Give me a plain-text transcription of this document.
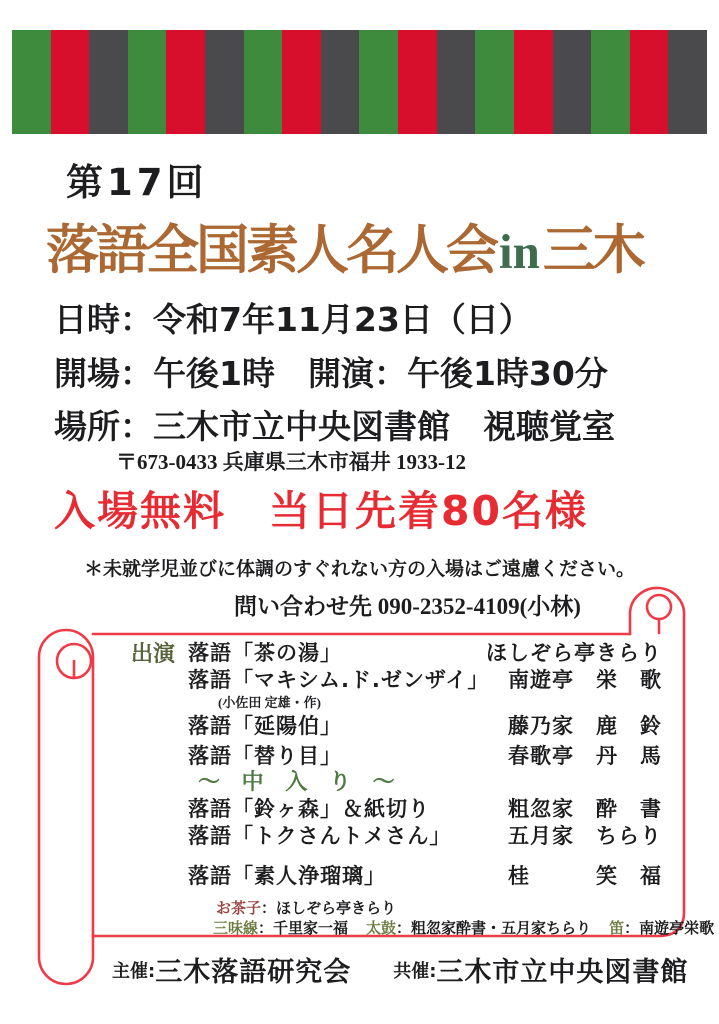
第17回
落語全国素人名人会in三木
日時：令和7年11月23日（日）
開場：午後1時　開演：午後1時30分
場所：三木市立中央図書館　視聴覚室
〒673-0433 兵庫県三木市福井 1933-12
入場無料　当日先着80名様
＊未就学児並びに体調のすぐれない方の入場はご遠慮ください。
問い合わせ先 090-2352-4109(小林)
出演 落語「茶の湯」	ほしぞら亭きらり
落語「マキシム.ド.ゼンザイ」 南遊亭　栄　歌
(小佐田 定雄・作)
落語「延陽伯」	藤乃家　鹿　鈴
落語「替り目」	春歌亭　丹　馬
～ 中 入 り ～
落語「鈴ヶ森」＆紙切り	粗忽家　酔　書
落語「トクさんトメさん」	五月家　ちらり
落語「素人浄瑠璃」	桂　　　笑　福
お茶子：ほしぞら亭きらり
三味線：千里家一福 太鼓：粗忽家酔書・五月家ちらり 笛：南遊亭栄歌
主催: 三木落語研究会 共催: 三木市立中央図書館
